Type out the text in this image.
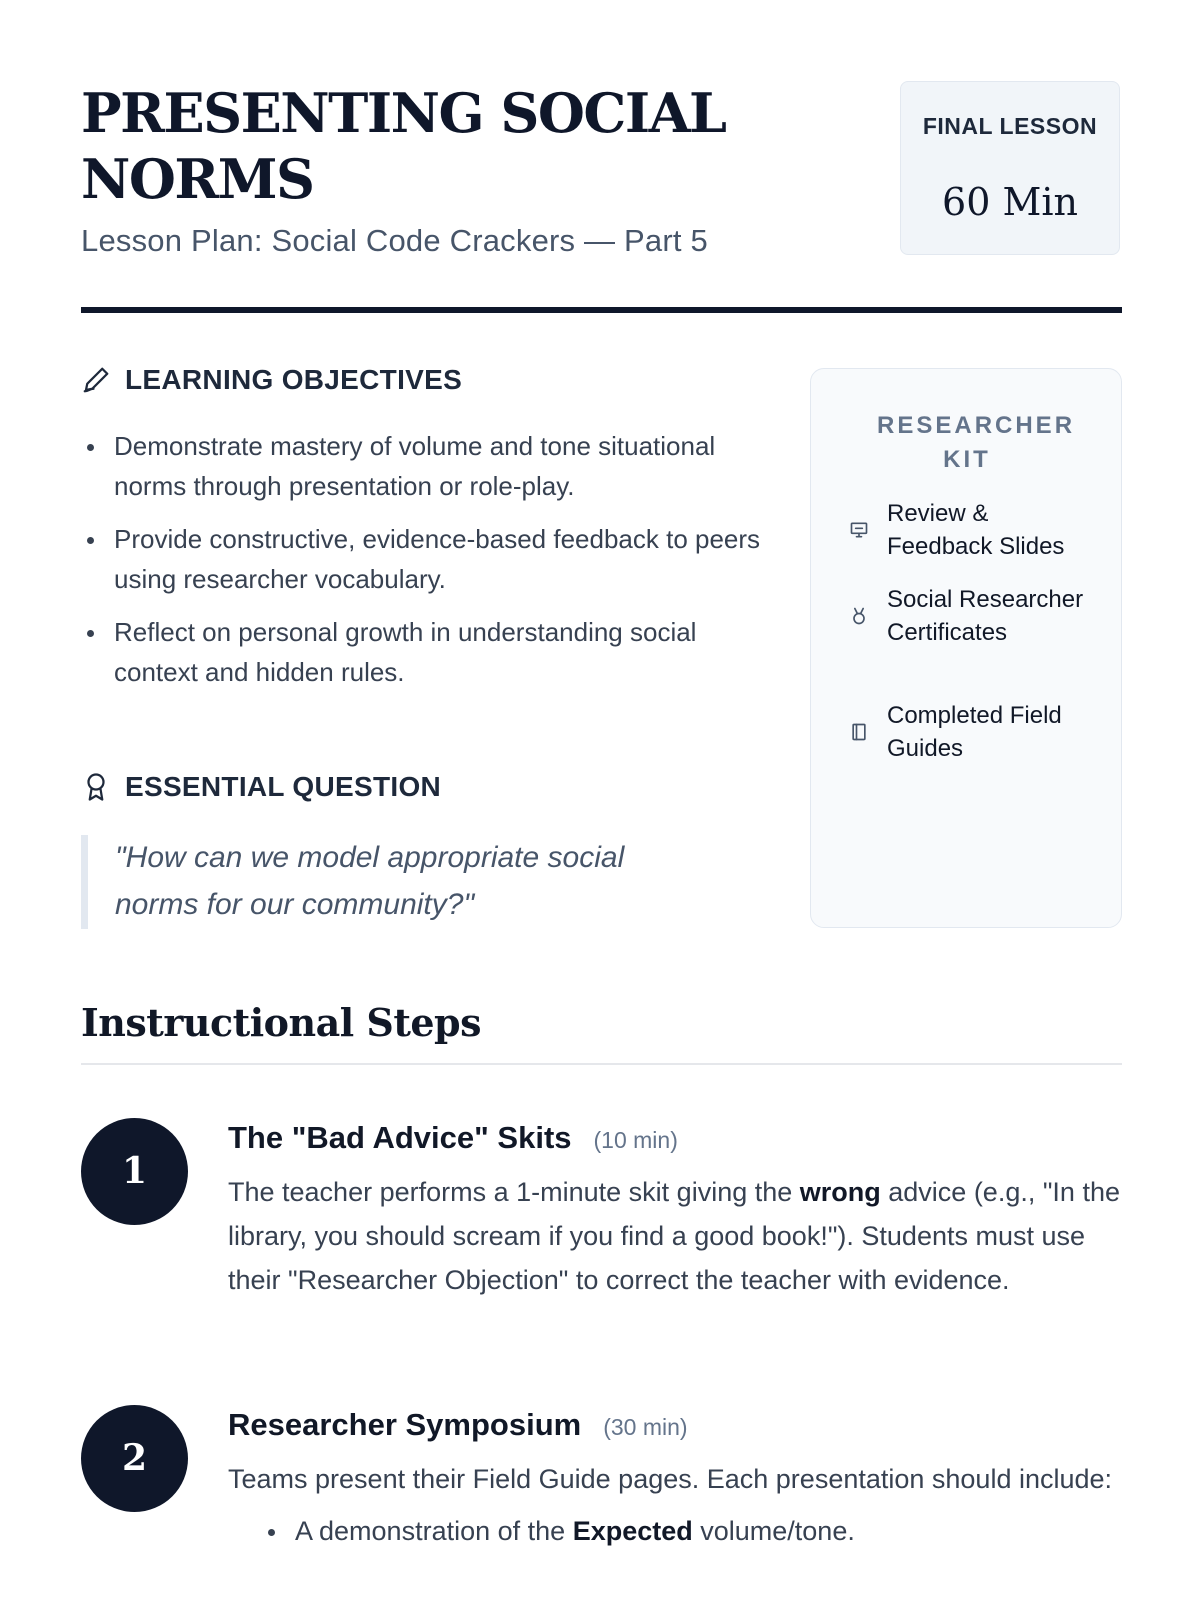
PRESENTING SOCIAL NORMS

Lesson Plan: Social Code Crackers — Part 5

FINAL LESSON
60 Min
LEARNING OBJECTIVES
Demonstrate mastery of volume and tone situational norms through presentation or role-play.
Provide constructive, evidence-based feedback to peers using researcher vocabulary.
Reflect on personal growth in understanding social context and hidden rules.
ESSENTIAL QUESTION

"How can we model appropriate social norms for our community?"

RESEARCHER KIT
Review & Feedback Slides
Social Researcher Certificates
Completed Field Guides
Instructional Steps
1
The "Bad Advice" Skits (10 min)

The teacher performs a 1-minute skit giving the wrong advice (e.g., "In the library, you should scream if you find a good book!"). Students must use their "Researcher Objection" to correct the teacher with evidence.

2
Researcher Symposium (30 min)

Teams present their Field Guide pages. Each presentation should include:

A demonstration of the Expected volume/tone.
